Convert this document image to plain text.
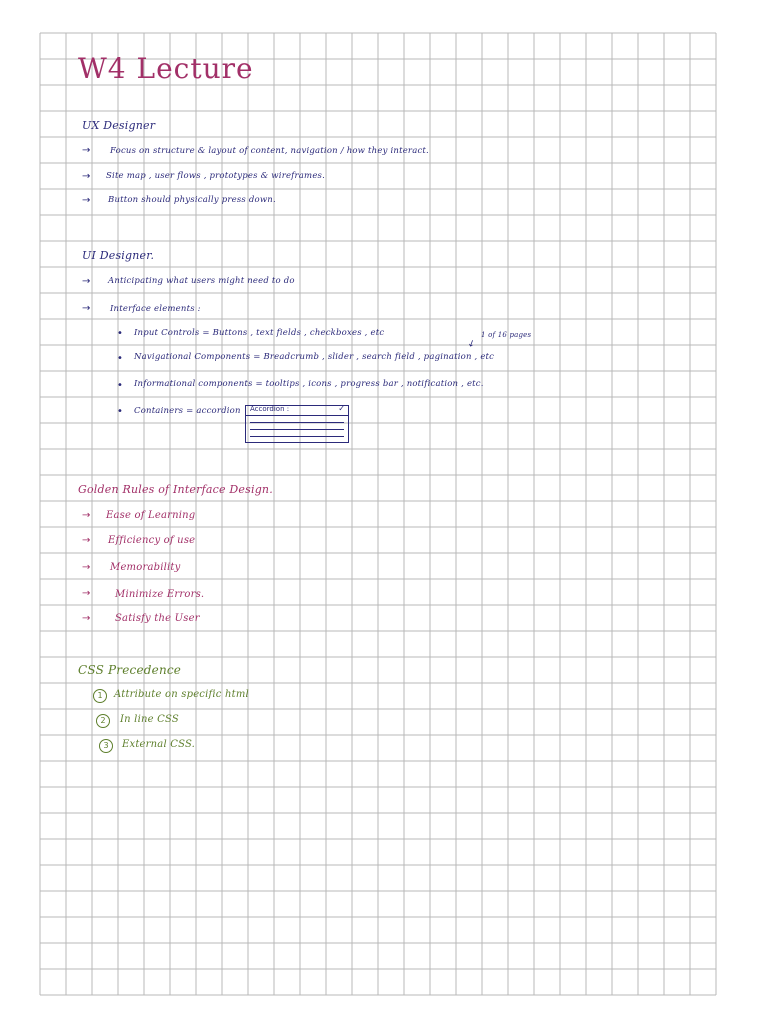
W4 Lecture
UX Designer
→ Focus on structure & layout of content, navigation / how they interact.
→ Site map , user flows , prototypes & wireframes.
→ Button should physically press down.
UI Designer.
→ Anticipating what users might need to do
→ Interface elements :
• Input Controls = Buttons , text fields , checkboxes , etc	1 of 16 pages
→
• Navigational Components = Breadcrumb , slider , search field , pagination , etc
• Informational components = tooltips , icons , progress bar , notification , etc.
• Containers = accordion Accordion :	✓
Golden Rules of Interface Design.
→ Ease of Learning
→ Efficiency of use
→ Memorability
→ Minimize Errors.
→ Satisfy the User
CSS Precedence
1	Attribute on specific html
2	In line CSS
3	External CSS.
